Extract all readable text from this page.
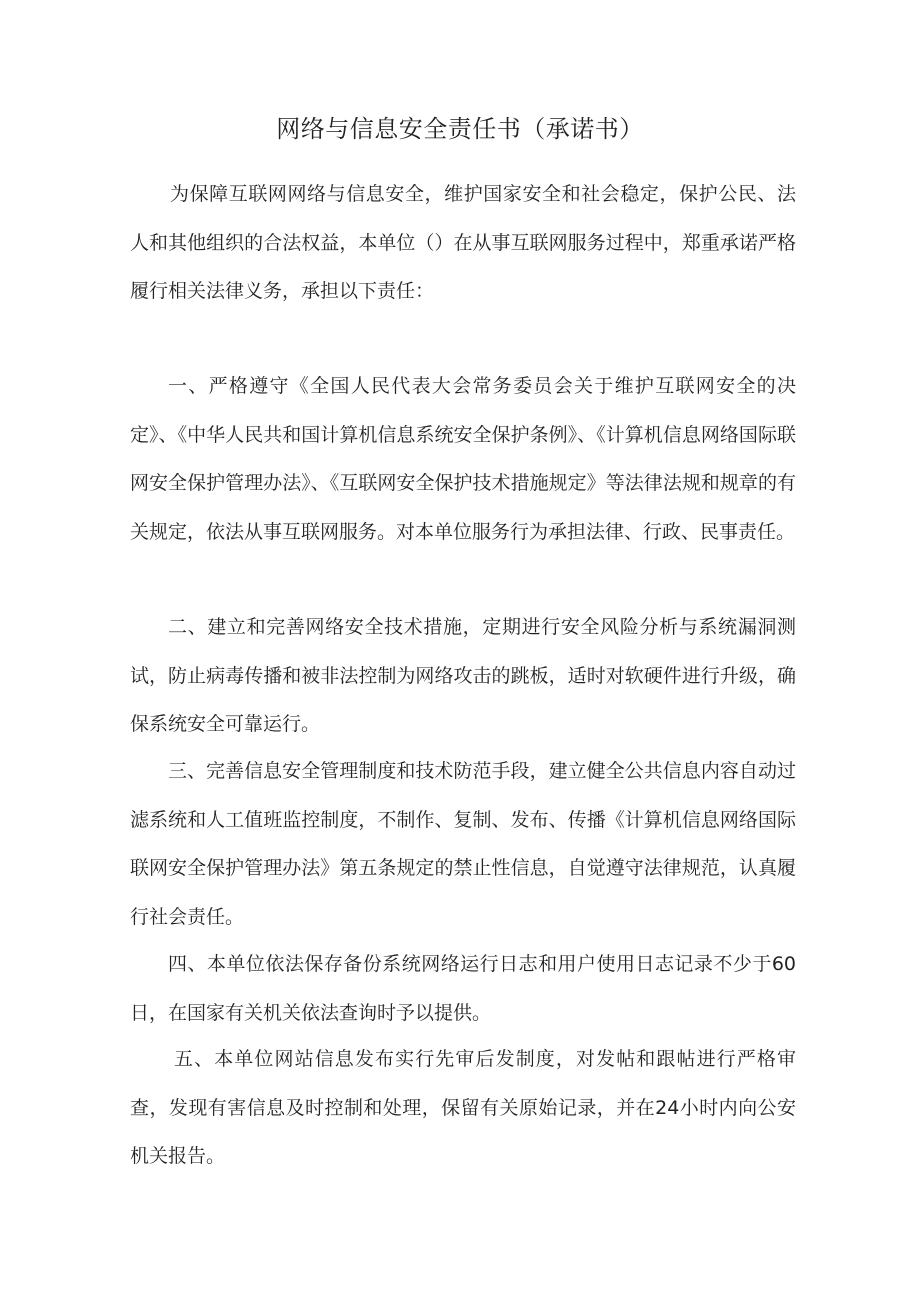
网络与信息安全责任书（承诺书）

为保障互联网网络与信息安全，维护国家安全和社会稳定，保护公民、法人和其他组织的合法权益，本单位（）在从事互联网服务过程中，郑重承诺严格履行相关法律义务，承担以下责任：

一、严格遵守《全国人民代表大会常务委员会关于维护互联网安全的决定》、《中华人民共和国计算机信息系统安全保护条例》、《计算机信息网络国际联网安全保护管理办法》、《互联网安全保护技术措施规定》等法律法规和规章的有关规定，依法从事互联网服务。对本单位服务行为承担法律、行政、民事责任。

二、建立和完善网络安全技术措施，定期进行安全风险分析与系统漏洞测试，防止病毒传播和被非法控制为网络攻击的跳板，适时对软硬件进行升级，确保系统安全可靠运行。

三、完善信息安全管理制度和技术防范手段，建立健全公共信息内容自动过滤系统和人工值班监控制度，不制作、复制、发布、传播《计算机信息网络国际联网安全保护管理办法》第五条规定的禁止性信息，自觉遵守法律规范，认真履行社会责任。

四、本单位依法保存备份系统网络运行日志和用户使用日志记录不少于60日，在国家有关机关依法查询时予以提供。

五、本单位网站信息发布实行先审后发制度，对发帖和跟帖进行严格审查，发现有害信息及时控制和处理，保留有关原始记录，并在24小时内向公安机关报告。
